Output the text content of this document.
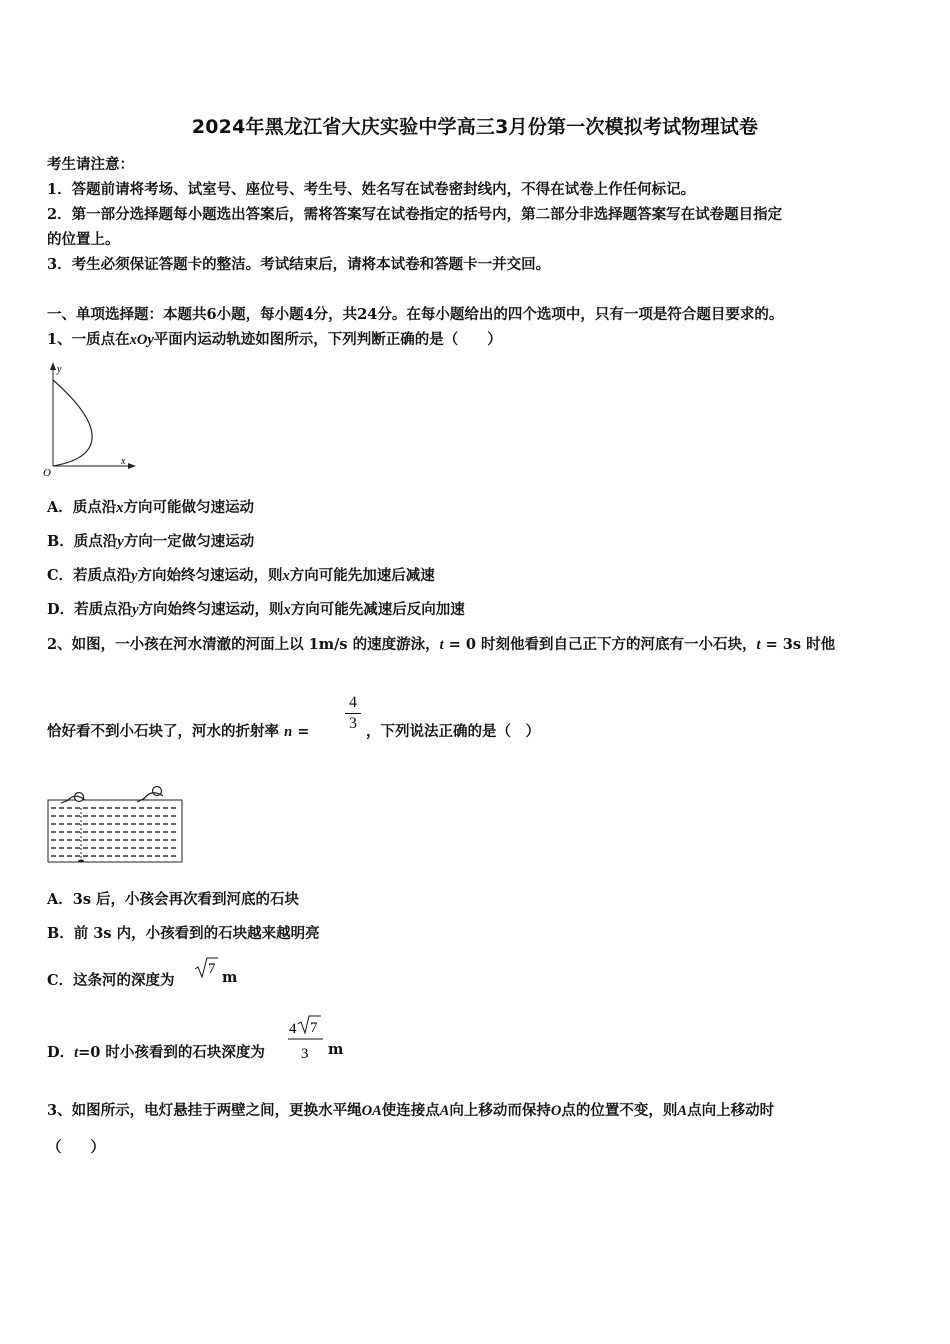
2024年黑龙江省大庆实验中学高三3月份第一次模拟考试物理试卷
考生请注意：
1．答题前请将考场、试室号、座位号、考生号、姓名写在试卷密封线内，不得在试卷上作任何标记。
2．第一部分选择题每小题选出答案后，需将答案写在试卷指定的括号内，第二部分非选择题答案写在试卷题目指定
的位置上。
3．考生必须保证答题卡的整洁。考试结束后，请将本试卷和答题卡一并交回。
一、单项选择题：本题共6小题，每小题4分，共24分。在每小题给出的四个选项中，只有一项是符合题目要求的。
1、一质点在xOy平面内运动轨迹如图所示，下列判断正确的是（　　）
y
x
O
A．质点沿x方向可能做匀速运动
B．质点沿y方向一定做匀速运动
C．若质点沿y方向始终匀速运动，则x方向可能先加速后减速
D．若质点沿y方向始终匀速运动，则x方向可能先减速后反向加速
2、如图，一小孩在河水清澈的河面上以 1m/s 的速度游泳，t = 0 时刻他看到自己正下方的河底有一小石块，t = 3s 时他
恰好看不到小石块了，河水的折射率 n =
4
3 ，下列说法正确的是（　）
A．3s 后，小孩会再次看到河底的石块
B．前 3s 内，小孩看到的石块越来越明亮
C．这条河的深度为
7 m
D．t=0 时小孩看到的石块深度为
4 7
3 m
3、如图所示，电灯悬挂于两壁之间，更换水平绳OA使连接点A向上移动而保持O点的位置不变，则A点向上移动时
（　　）
